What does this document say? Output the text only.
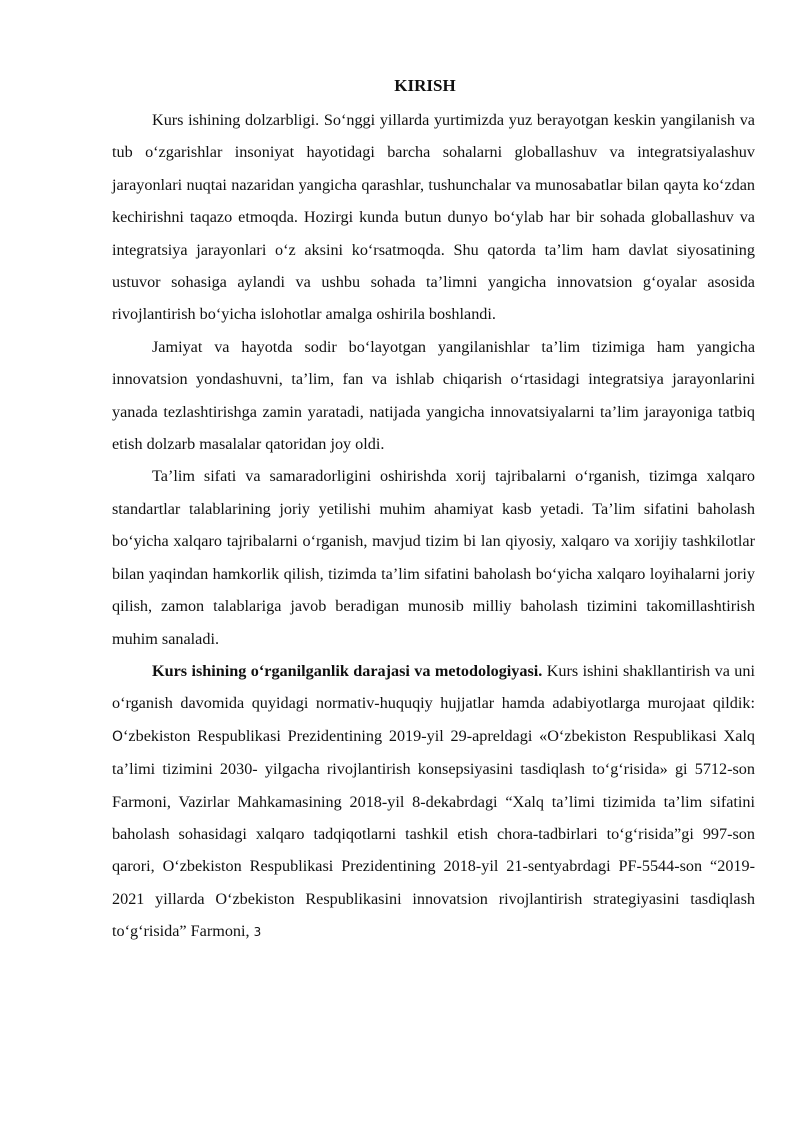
KIRISH

Kurs ishining dolzarbligi. So‘nggi yillarda yurtimizda yuz berayotgan keskin yangilanish va tub o‘zgarishlar insoniyat hayotidagi barcha sohalarni globallashuv va integratsiyalashuv jarayonlari nuqtai nazaridan yangicha qarashlar, tushunchalar va munosabatlar bilan qayta ko‘zdan kechirishni taqazo etmoqda. Hozirgi kunda butun dunyo bo‘ylab har bir sohada globallashuv va integratsiya jarayonlari o‘z aksini ko‘rsatmoqda. Shu qatorda ta’lim ham davlat siyosatining ustuvor sohasiga aylandi va ushbu sohada ta’limni yangicha innovatsion g‘oyalar asosida rivojlantirish bo‘yicha islohotlar amalga oshirila boshlandi.

Jamiyat va hayotda sodir bo‘layotgan yangilanishlar ta’lim tizimiga ham yangicha innovatsion yondashuvni, ta’lim, fan va ishlab chiqarish o‘rtasidagi integratsiya jarayonlarini yanada tezlashtirishga zamin yaratadi, natijada yangicha innovatsiyalarni ta’lim jarayoniga tatbiq etish dolzarb masalalar qatoridan joy oldi.

Ta’lim sifati va samaradorligini oshirishda xorij tajribalarni o‘rganish, tizimga xalqaro standartlar talablarining joriy yetilishi muhim ahamiyat kasb yetadi. Ta’lim sifatini baholash bo‘yicha xalqaro tajribalarni o‘rganish, mavjud tizim bi lan qiyosiy, xalqaro va xorijiy tashkilotlar bilan yaqindan hamkorlik qilish, tizimda ta’lim sifatini baholash bo‘yicha xalqaro loyihalarni joriy qilish, zamon talablariga javob beradigan munosib milliy baholash tizimini takomillashtirish muhim sanaladi.

Kurs ishining o‘rganilganlik darajasi va metodologiyasi. Kurs ishini shakllantirish va uni o‘rganish davomida quyidagi normativ-huquqiy hujjatlar hamda adabiyotlarga murojaat qildik: O‘zbekiston Respublikasi Prezidentining 2019-yil 29-apreldagi «O‘zbekiston Respublikasi Xalq ta’limi tizimini 2030- yilgacha rivojlantirish konsepsiyasini tasdiqlash to‘g‘risida» gi 5712-son Farmoni, Vazirlar Mahkamasining 2018-yil 8-dekabrdagi “Xalq ta’limi tizimida ta’lim sifatini baholash sohasidagi xalqaro tadqiqotlarni tashkil etish chora-tadbirlari to‘g‘risida”gi 997-son qarori, O‘zbekiston Respublikasi Prezidentining 2018-yil 21-sentyabrdagi PF-5544-son “2019-2021 yillarda O‘zbekiston Respublikasini innovatsion rivojlantirish strategiyasini tasdiqlash to‘g‘risida” Farmoni, 3
